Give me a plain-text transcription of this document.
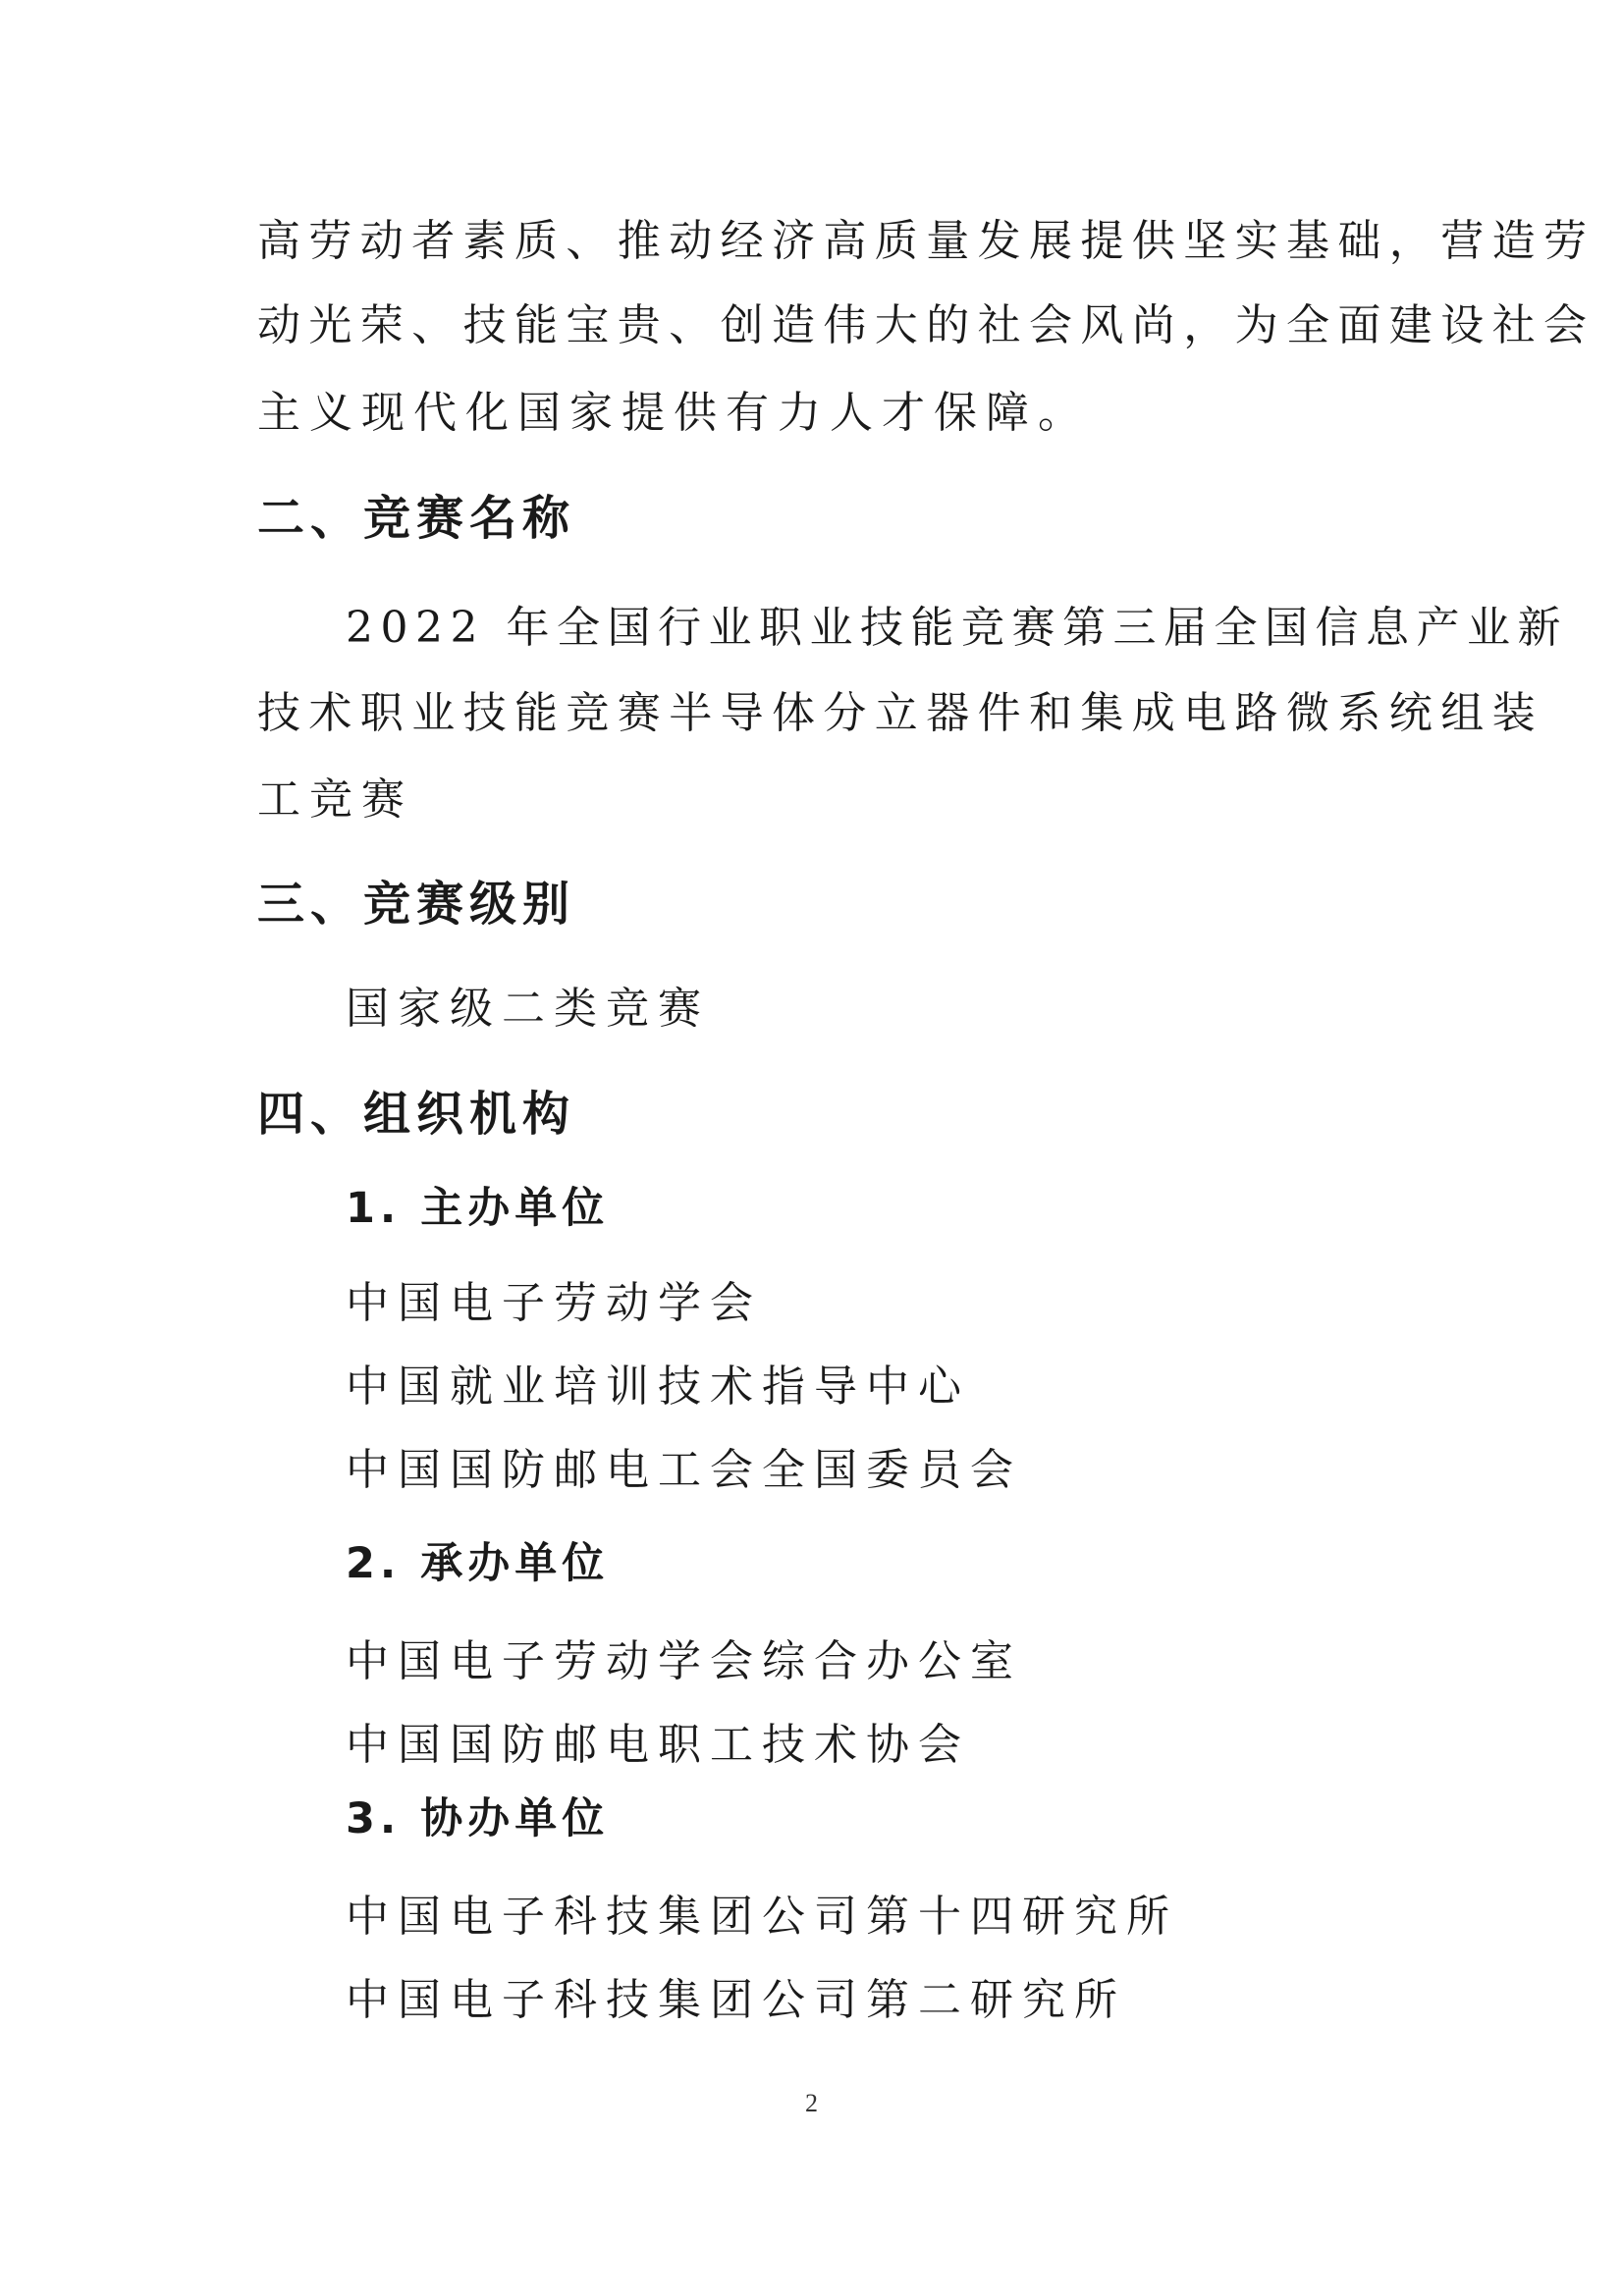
高劳动者素质、推动经济高质量发展提供坚实基础，营造劳
动光荣、技能宝贵、创造伟大的社会风尚，为全面建设社会
主义现代化国家提供有力人才保障。
二、竞赛名称
2022 年全国行业职业技能竞赛第三届全国信息产业新
技术职业技能竞赛半导体分立器件和集成电路微系统组装
工竞赛
三、竞赛级别
国家级二类竞赛
四、组织机构
1. 主办单位
中国电子劳动学会
中国就业培训技术指导中心
中国国防邮电工会全国委员会
2. 承办单位
中国电子劳动学会综合办公室
中国国防邮电职工技术协会
3. 协办单位
中国电子科技集团公司第十四研究所
中国电子科技集团公司第二研究所
2
